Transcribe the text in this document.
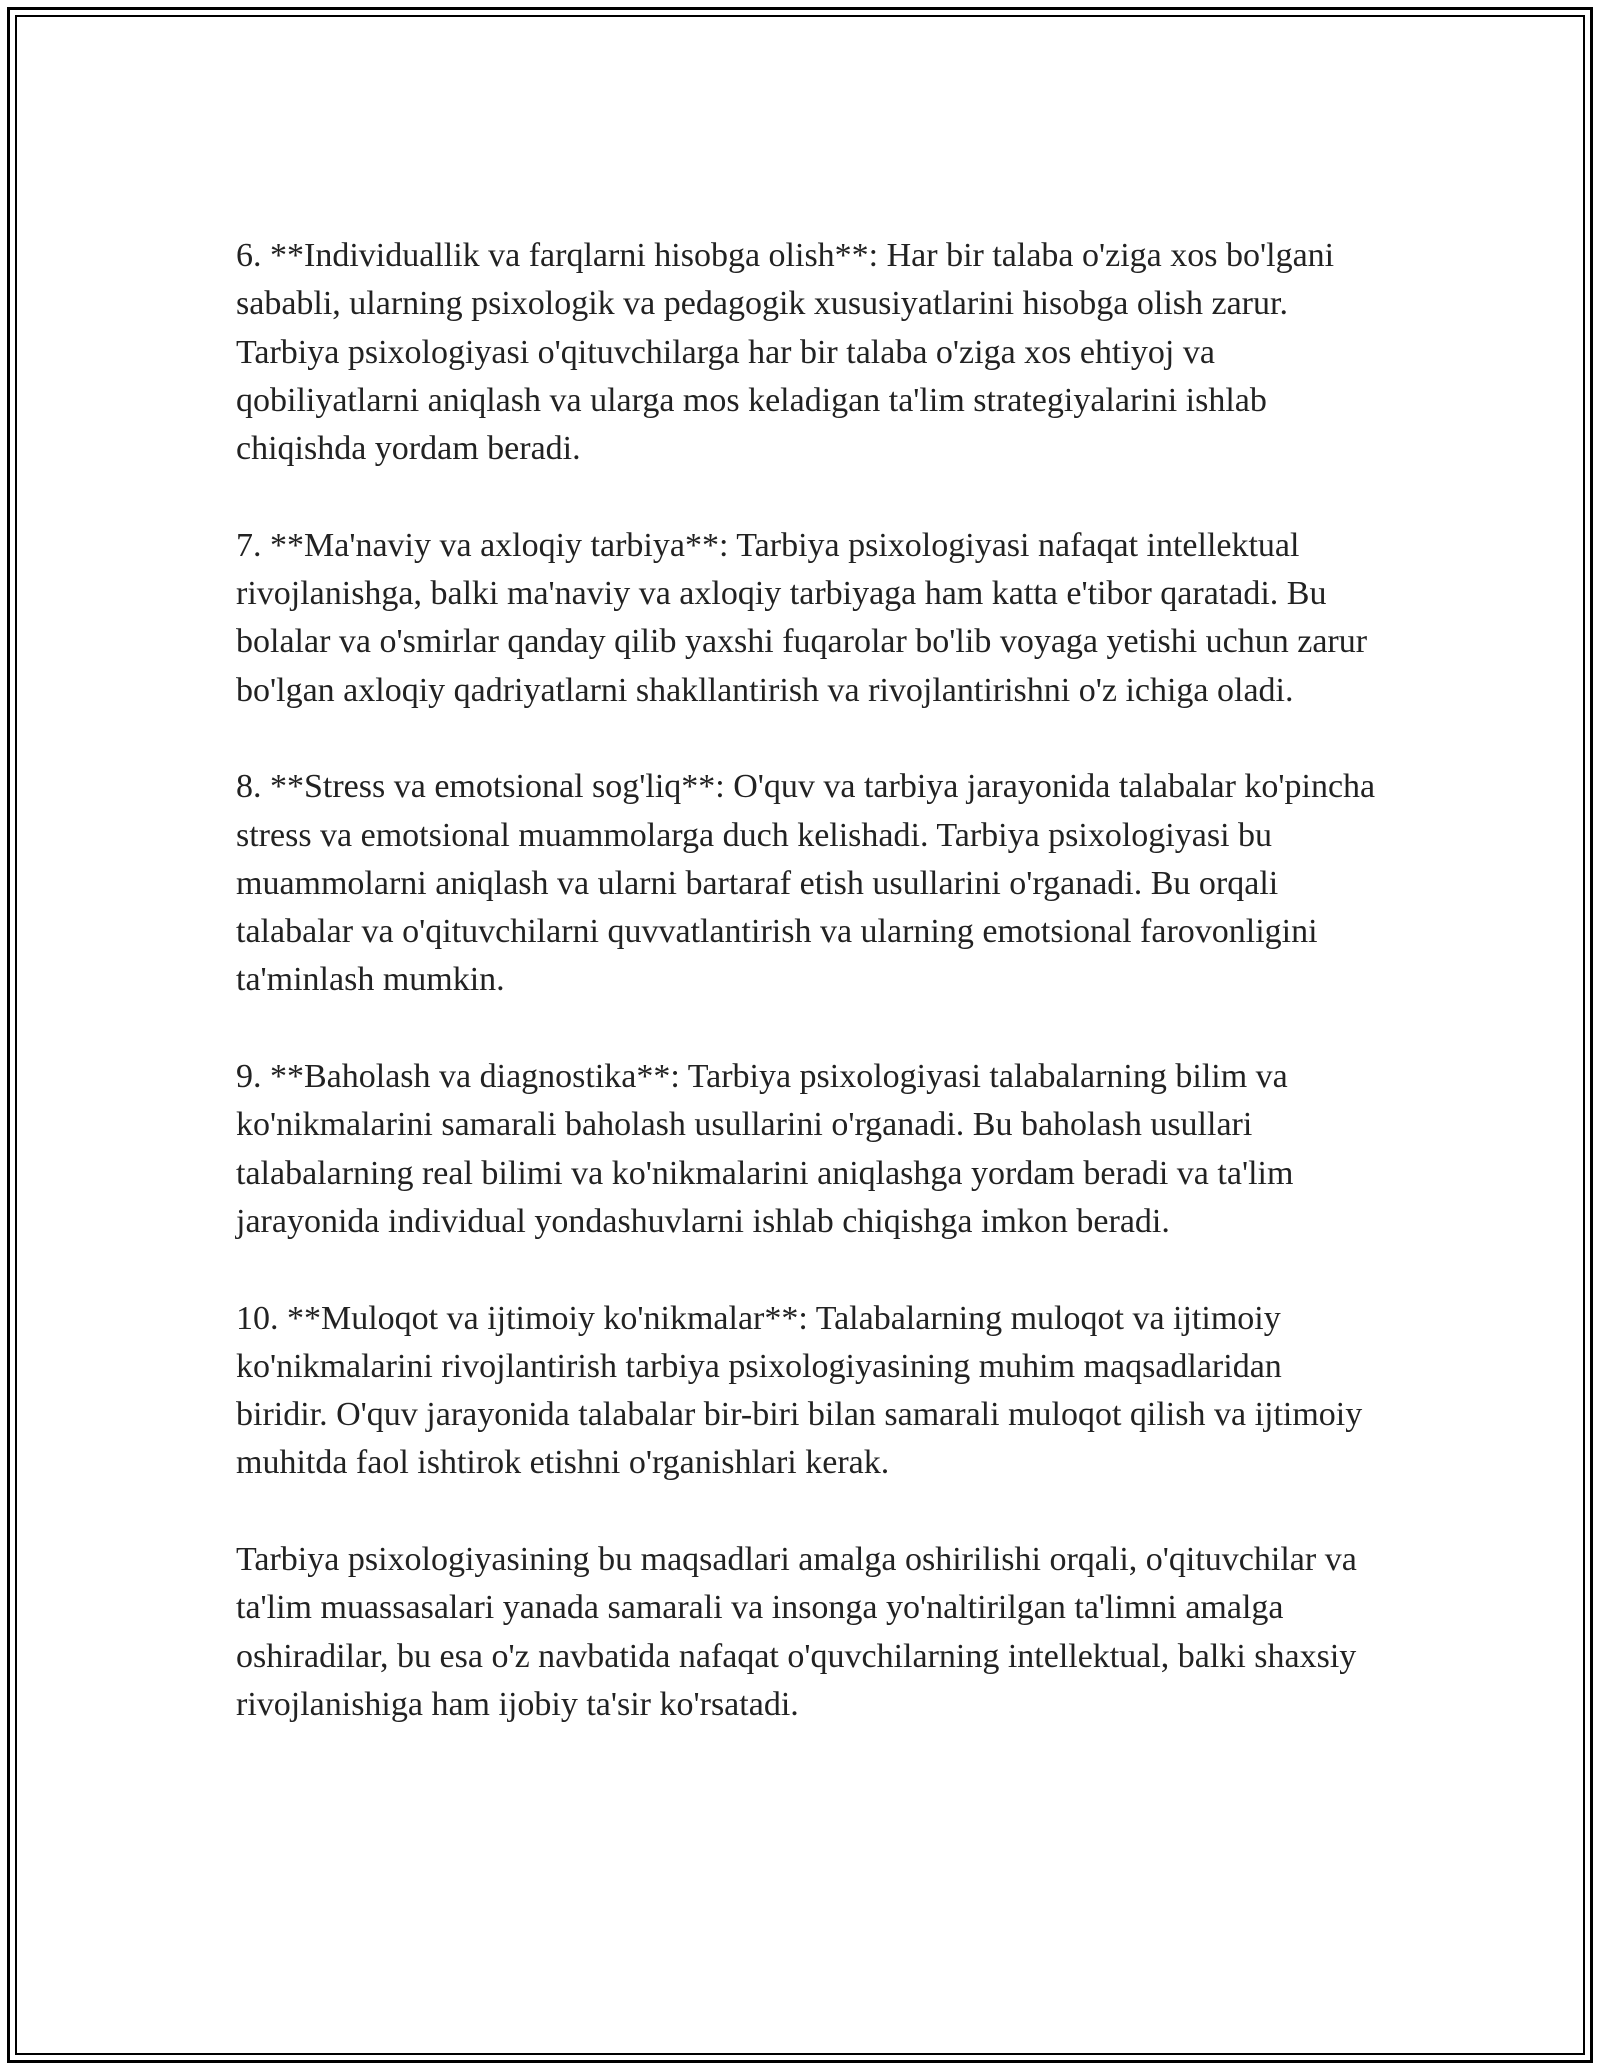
6. **Individuallik va farqlarni hisobga olish**: Har bir talaba o'ziga xos bo'lgani sababli, ularning psixologik va pedagogik xususiyatlarini hisobga olish zarur. Tarbiya psixologiyasi o'qituvchilarga har bir talaba o'ziga xos ehtiyoj va qobiliyatlarni aniqlash va ularga mos keladigan ta'lim strategiyalarini ishlab chiqishda yordam beradi.

7. **Ma'naviy va axloqiy tarbiya**: Tarbiya psixologiyasi nafaqat intellektual rivojlanishga, balki ma'naviy va axloqiy tarbiyaga ham katta e'tibor qaratadi. Bu bolalar va o'smirlar qanday qilib yaxshi fuqarolar bo'lib voyaga yetishi uchun zarur bo'lgan axloqiy qadriyatlarni shakllantirish va rivojlantirishni o'z ichiga oladi.

8. **Stress va emotsional sog'liq**: O'quv va tarbiya jarayonida talabalar ko'pincha stress va emotsional muammolarga duch kelishadi. Tarbiya psixologiyasi bu muammolarni aniqlash va ularni bartaraf etish usullarini o'rganadi. Bu orqali talabalar va o'qituvchilarni quvvatlantirish va ularning emotsional farovonligini ta'minlash mumkin.

9. **Baholash va diagnostika**: Tarbiya psixologiyasi talabalarning bilim va ko'nikmalarini samarali baholash usullarini o'rganadi. Bu baholash usullari talabalarning real bilimi va ko'nikmalarini aniqlashga yordam beradi va ta'lim jarayonida individual yondashuvlarni ishlab chiqishga imkon beradi.

10. **Muloqot va ijtimoiy ko'nikmalar**: Talabalarning muloqot va ijtimoiy ko'nikmalarini rivojlantirish tarbiya psixologiyasining muhim maqsadlaridan biridir. O'quv jarayonida talabalar bir-biri bilan samarali muloqot qilish va ijtimoiy muhitda faol ishtirok etishni o'rganishlari kerak.

Tarbiya psixologiyasining bu maqsadlari amalga oshirilishi orqali, o'qituvchilar va ta'lim muassasalari yanada samarali va insonga yo'naltirilgan ta'limni amalga oshiradilar, bu esa o'z navbatida nafaqat o'quvchilarning intellektual, balki shaxsiy rivojlanishiga ham ijobiy ta'sir ko'rsatadi.
